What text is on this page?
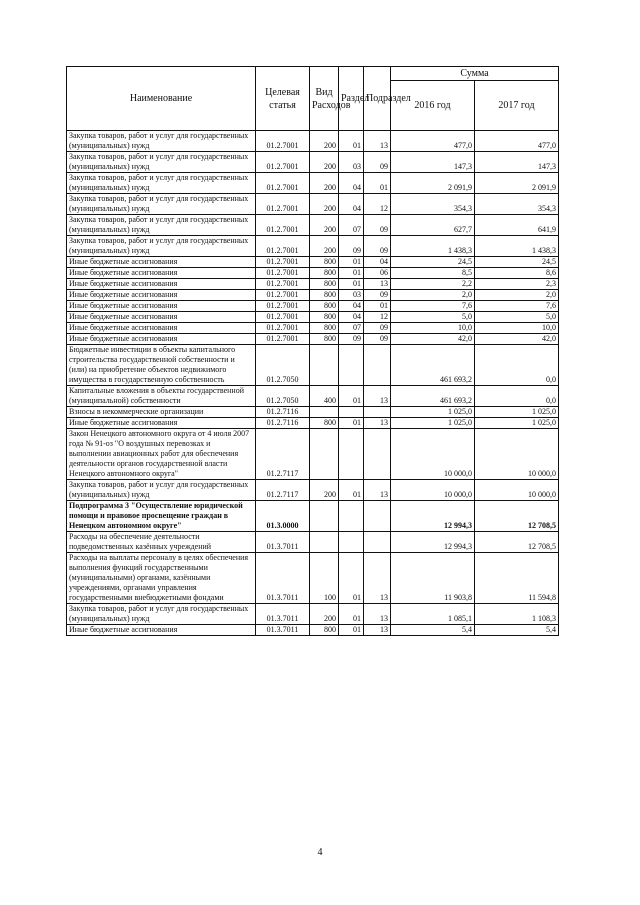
Наименование	Целевая статья	Вид Расходов	Раздел	Подраздел	Сумма	
					2016 год	2017 год
Закупка товаров, работ и услуг для государственных (муниципальных) нужд	01.2.7001	200	01	13	477,0	477,0
Закупка товаров, работ и услуг для государственных (муниципальных) нужд	01.2.7001	200	03	09	147,3	147,3
Закупка товаров, работ и услуг для государственных (муниципальных) нужд	01.2.7001	200	04	01	2 091,9	2 091,9
Закупка товаров, работ и услуг для государственных (муниципальных) нужд	01.2.7001	200	04	12	354,3	354,3
Закупка товаров, работ и услуг для государственных (муниципальных) нужд	01.2.7001	200	07	09	627,7	641,9
Закупка товаров, работ и услуг для государственных (муниципальных) нужд	01.2.7001	200	09	09	1 438,3	1 438,3
Иные бюджетные ассигнования	01.2.7001	800	01	04	24,5	24,5
Иные бюджетные ассигнования	01.2.7001	800	01	06	8,5	8,6
Иные бюджетные ассигнования	01.2.7001	800	01	13	2,2	2,3
Иные бюджетные ассигнования	01.2.7001	800	03	09	2,0	2,0
Иные бюджетные ассигнования	01.2.7001	800	04	01	7,6	7,6
Иные бюджетные ассигнования	01.2.7001	800	04	12	5,0	5,0
Иные бюджетные ассигнования	01.2.7001	800	07	09	10,0	10,0
Иные бюджетные ассигнования	01.2.7001	800	09	09	42,0	42,0
Бюджетные инвестиции в объекты капитального строительства государственной собственности и (или) на приобретение объектов недвижимого имущества в государственную собственность	01.2.7050				461 693,2	0,0
Капитальные вложения в объекты государственной (муниципальной) собственности	01.2.7050	400	01	13	461 693,2	0,0
Взносы в некоммерческие организации	01.2.7116				1 025,0	1 025,0
Иные бюджетные ассигнования	01.2.7116	800	01	13	1 025,0	1 025,0
Закон Ненецкого автономного округа от 4 июля 2007 года № 91-оз "О воздушных перевозках и выполнении авиационных работ для обеспечения деятельности органов государственной власти Ненецкого автономного округа"	01.2.7117				10 000,0	10 000,0
Закупка товаров, работ и услуг для государственных (муниципальных) нужд	01.2.7117	200	01	13	10 000,0	10 000,0
Подпрограмма 3 "Осуществление юридической помощи и правовое просвещение граждан в Ненецком автономном округе"	01.3.0000				12 994,3	12 708,5
Расходы на обеспечение деятельности подведомственных казённых учреждений	01.3.7011				12 994,3	12 708,5
Расходы на выплаты персоналу в целях обеспечения выполнения функций государственными (муниципальными) органами, казёнными учреждениями, органами управления государственными внебюджетными фондами	01.3.7011	100	01	13	11 903,8	11 594,8
Закупка товаров, работ и услуг для государственных (муниципальных) нужд	01.3.7011	200	01	13	1 085,1	1 108,3
Иные бюджетные ассигнования	01.3.7011	800	01	13	5,4	5,4
4
